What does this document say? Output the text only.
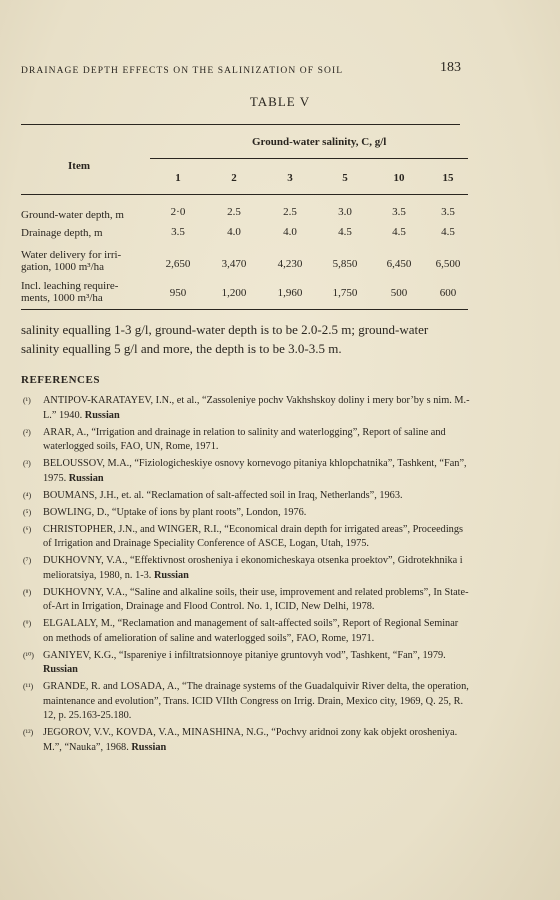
DRAINAGE DEPTH EFFECTS ON THE SALINIZATION OF SOIL	183
TABLE V
Ground-water salinity, C, g/l
Item
1	2	3	5	10	15
Ground-water depth, m	2·0	2.5	2.5	3.0	3.5	3.5
Drainage depth, m	3.5	4.0	4.0	4.5	4.5	4.5
Water delivery for irri-
gation, 1000 m³/ha	2,650	3,470	4,230	5,850	6,450	6,500
Incl. leaching require-
ments, 1000 m³/ha	950	1,200	1,960	1,750	500	600
salinity equalling 1-3 g/l, ground-water depth is to be 2.0-2.5 m; ground-water salinity equalling 5 g/l and more, the depth is to be 3.0-3.5 m.
REFERENCES
(¹) ANTIPOV-KARATAYEV, I.N., et al., “Zassoleniye pochv Vakhshskoy doliny i mery bor’by s nim. M.-L.” 1940. Russian
(²) ARAR, A., “Irrigation and drainage in relation to salinity and waterlogging”, Report of saline and waterlogged soils, FAO, UN, Rome, 1971.
(³) BELOUSSOV, M.A., “Fiziologicheskiye osnovy kornevogo pitaniya khlopchatnika”, Tashkent, “Fan”, 1975. Russian
(⁴) BOUMANS, J.H., et. al. “Reclamation of salt-affected soil in Iraq, Netherlands”, 1963.
(⁵) BOWLING, D., “Uptake of ions by plant roots”, London, 1976.
(⁶) CHRISTOPHER, J.N., and WINGER, R.I., “Economical drain depth for irrigated areas”, Proceedings of Irrigation and Drainage Speciality Conference of ASCE, Logan, Utah, 1975.
(⁷) DUKHOVNY, V.A., “Effektivnost orosheniya i ekonomicheskaya otsenka proektov”, Gidrotekhnika i melioratsiya, 1980, n. 1-3. Russian
(⁸) DUKHOVNY, V.A., “Saline and alkaline soils, their use, improvement and related problems”, In State-of-Art in Irrigation, Drainage and Flood Control. No. 1, ICID, New Delhi, 1978.
(⁹) ELGALALY, M., “Reclamation and management of salt-affected soils”, Report of Regional Seminar on methods of amelioration of saline and waterlogged soils”, FAO, Rome, 1971.
(¹⁰) GANIYEV, K.G., “Ispareniye i infiltratsionnoye pitaniye gruntovyh vod”, Tashkent, “Fan”, 1979. Russian
(¹¹) GRANDE, R. and LOSADA, A., “The drainage systems of the Guadalquivir River delta, the operation, maintenance and evolution”, Trans. ICID VIIth Congress on Irrig. Drain, Mexico city, 1969, Q. 25, R. 12, p. 25.163-25.180.
(¹²) JEGOROV, V.V., KOVDA, V.A., MINASHINA, N.G., “Pochvy aridnoi zony kak objekt orosheniya. M.”, “Nauka”, 1968. Russian
